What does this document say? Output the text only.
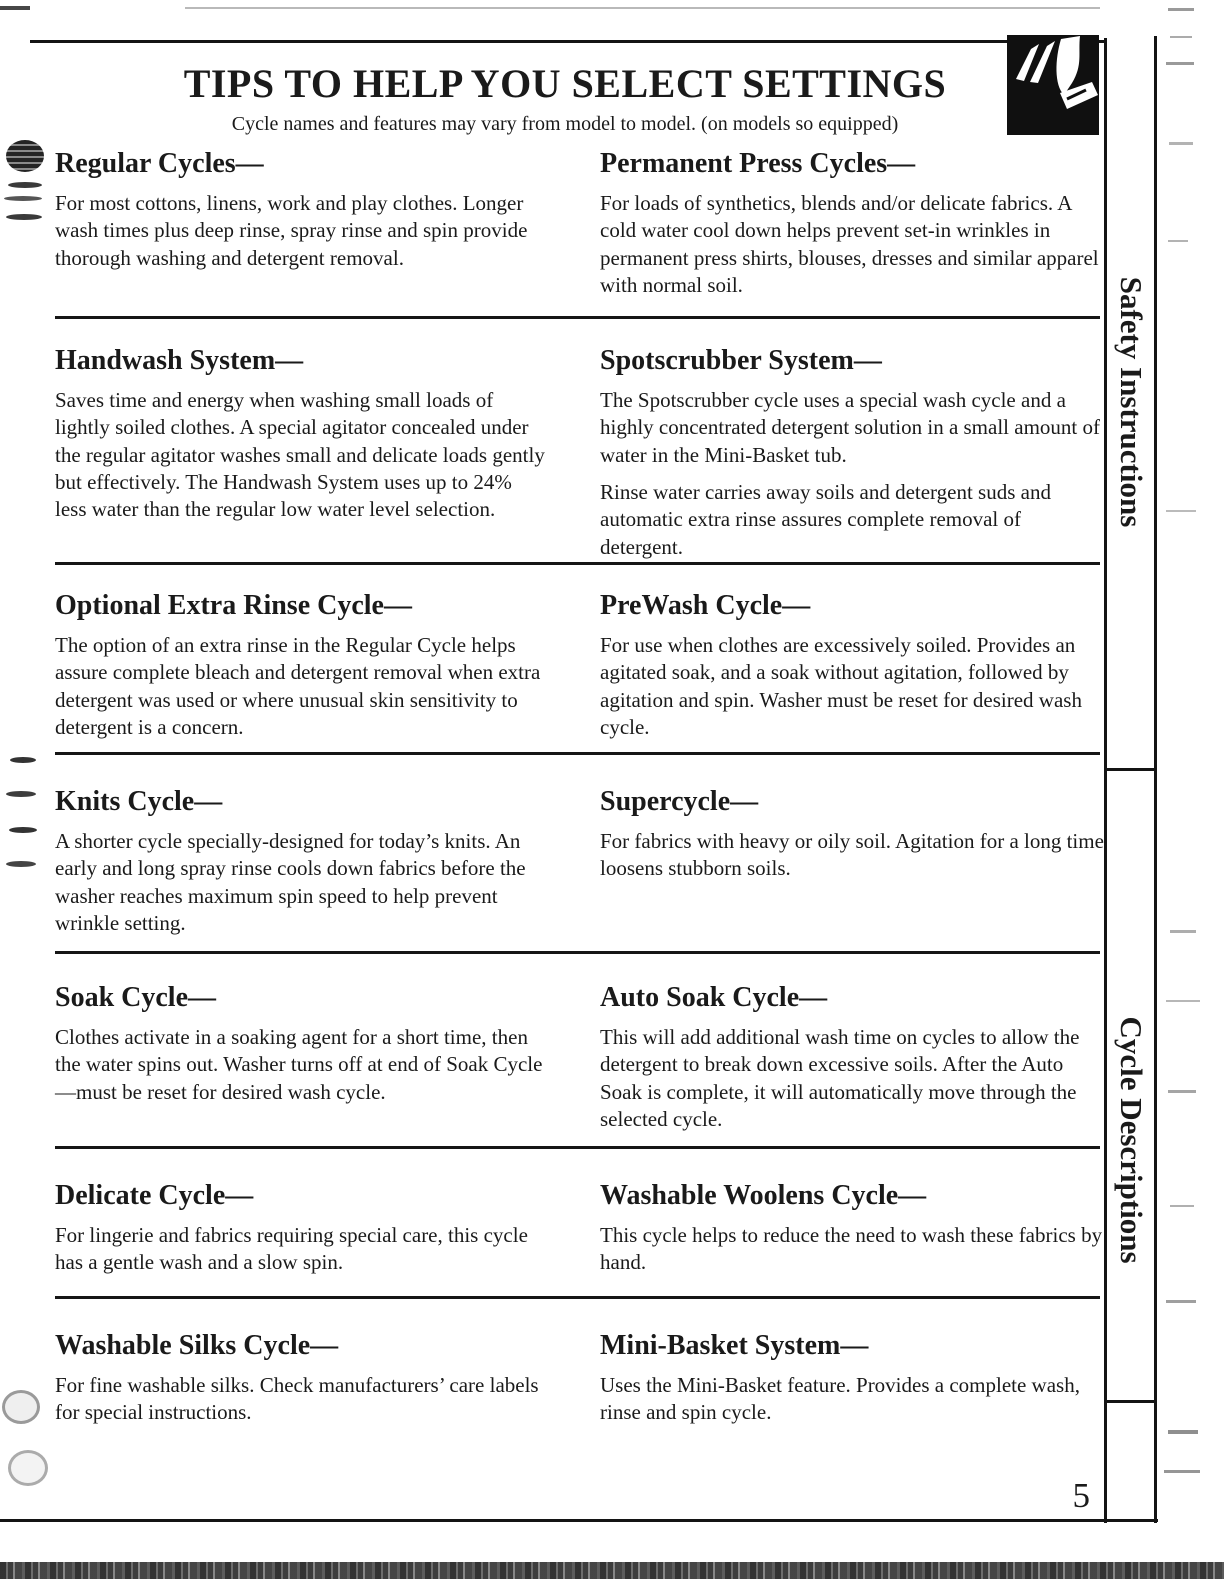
TIPS TO HELP YOU SELECT SETTINGS

Cycle names and features may vary from model to model. (on models so equipped)

Regular Cycles—

For most cottons, linens, work and play clothes. Longer wash times plus deep rinse, spray rinse and spin provide thorough washing and detergent removal.

Permanent Press Cycles—

For loads of synthetics, blends and/or delicate fabrics. A cold water cool down helps prevent set-in wrinkles in permanent press shirts, blouses, dresses and similar apparel with normal soil.

Handwash System—

Saves time and energy when washing small loads of lightly soiled clothes. A special agitator concealed under the regular agitator washes small and delicate loads gently but effectively. The Handwash System uses up to 24% less water than the regular low water level selection.

Spotscrubber System—

The Spotscrubber cycle uses a special wash cycle and a highly concentrated detergent solution in a small amount of water in the Mini-Basket tub.

Rinse water carries away soils and detergent suds and automatic extra rinse assures complete removal of detergent.

Optional Extra Rinse Cycle—

The option of an extra rinse in the Regular Cycle helps assure complete bleach and detergent removal when extra detergent was used or where unusual skin sensitivity to detergent is a concern.

PreWash Cycle—

For use when clothes are excessively soiled. Provides an agitated soak, and a soak without agitation, followed by agitation and spin. Washer must be reset for desired wash cycle.

Knits Cycle—

A shorter cycle specially-designed for today’s knits. An early and long spray rinse cools down fabrics before the washer reaches maximum spin speed to help prevent wrinkle setting.

Supercycle—

For fabrics with heavy or oily soil. Agitation for a long time loosens stubborn soils.

Soak Cycle—

Clothes activate in a soaking agent for a short time, then the water spins out. Washer turns off at end of Soak Cycle—must be reset for desired wash cycle.

Auto Soak Cycle—

This will add additional wash time on cycles to allow the detergent to break down excessive soils. After the Auto Soak is complete, it will automatically move through the selected cycle.

Delicate Cycle—

For lingerie and fabrics requiring special care, this cycle has a gentle wash and a slow spin.

Washable Woolens Cycle—

This cycle helps to reduce the need to wash these fabrics by hand.

Washable Silks Cycle—

For fine washable silks. Check manufacturers’ care labels for special instructions.

Mini-Basket System—

Uses the Mini-Basket feature. Provides a complete wash, rinse and spin cycle.

Safety Instructions
Cycle Descriptions
5
